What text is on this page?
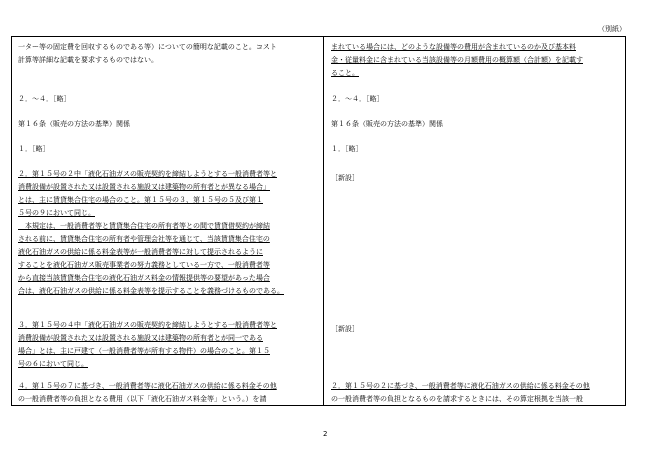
（別紙）
一ター等の固定費を回収するものである等）についての簡明な記載のこと。コスト
計算等詳細な記載を要求するものではない。
２．～４．［略］
第１６条（販売の方法の基準）関係
１．［略］
２．第１５号の２中「液化石油ガスの販売契約を締結しようとする一般消費者等と
消費設備が設置された又は設置される施設又は建築物の所有者とが異なる場合」
とは、主に賃貸集合住宅の場合のこと。第１５号の３、第１５号の５及び第１
５号の９において同じ。
　本規定は、一般消費者等と賃貸集合住宅の所有者等との間で賃貸借契約が締結
される前に、賃貸集合住宅の所有者や管理会社等を通じて、当該賃貸集合住宅の
液化石油ガスの供給に係る料金表等が一般消費者等に対して提示されるように
することを液化石油ガス販売事業者の努力義務としている一方で、一般消費者等
から直接当該賃貸集合住宅の液化石油ガス料金の情報提供等の要望があった場合
合は、液化石油ガスの供給に係る料金表等を提示することを義務づけるものである。
３．第１５号の４中「液化石油ガスの販売契約を締結しようとする一般消費者等と
消費設備が設置された又は設置される施設又は建築物の所有者とが同一である
場合」とは、主に戸建て（一般消費者等が所有する物件）の場合のこと。第１５
号の６において同じ。
４．第１５号の７に基づき、一般消費者等に液化石油ガスの供給に係る料金その他
の一般消費者等の負担となる費用（以下「液化石油ガス料金等」という。）を請
まれている場合には、どのような設備等の費用が含まれているのか及び基本料
金・従量料金に含まれている当該設備等の月額費用の概算額（合計額）を記載す
ること。
２．～４．［略］
第１６条（販売の方法の基準）関係
１．［略］
［新設］
［新設］
２．第１５号の２に基づき、一般消費者等に液化石油ガスの供給に係る料金その他
の一般消費者等の負担となるものを請求するときには、その算定根拠を当該一般
2
